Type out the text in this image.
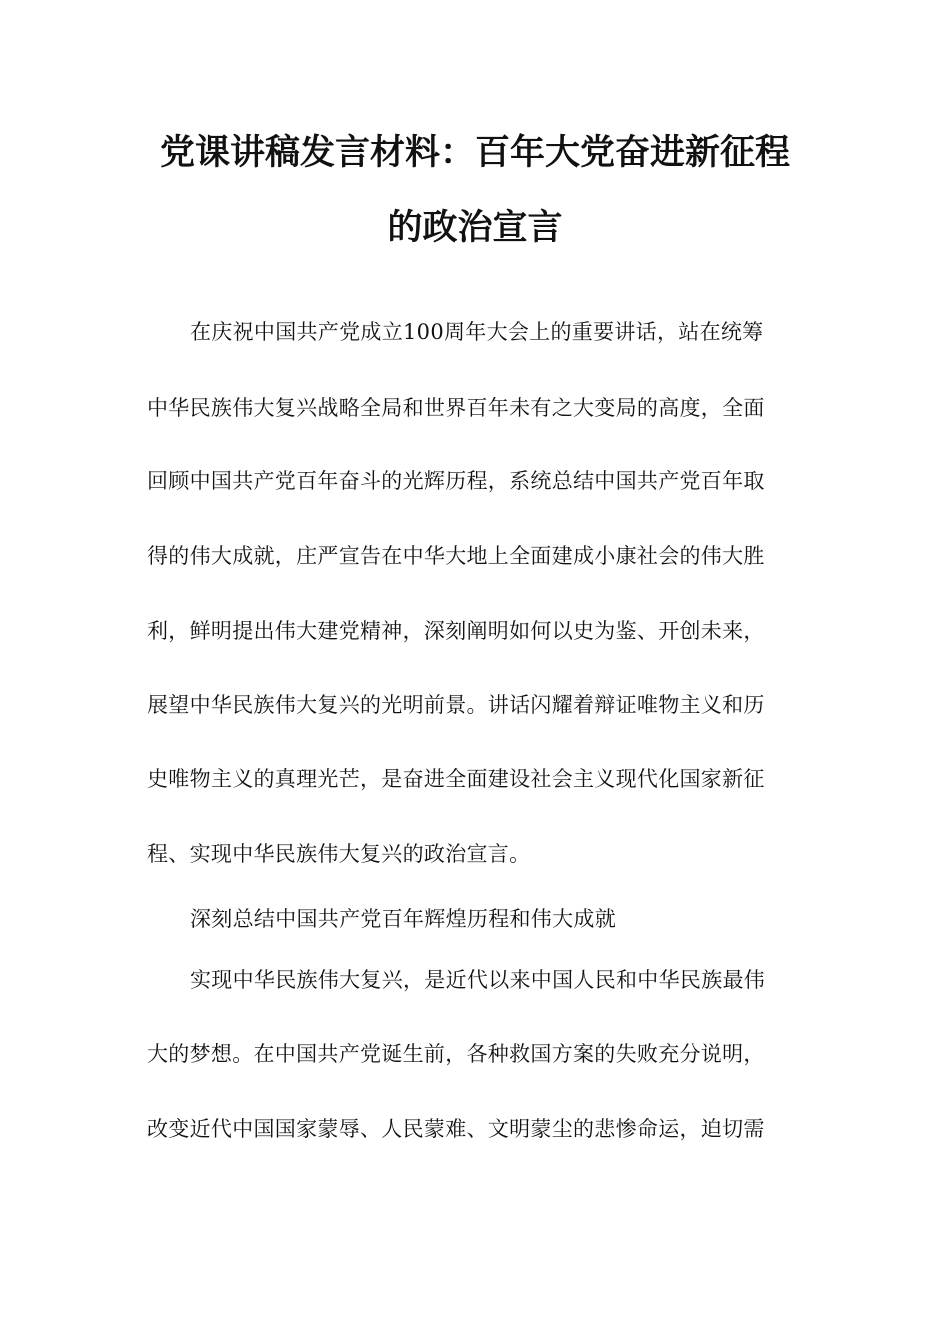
党课讲稿发言材料：百年大党奋进新征程
的政治宣言
在庆祝中国共产党成立100周年大会上的重要讲话，站在统筹
中华民族伟大复兴战略全局和世界百年未有之大变局的高度，全面
回顾中国共产党百年奋斗的光辉历程，系统总结中国共产党百年取
得的伟大成就，庄严宣告在中华大地上全面建成小康社会的伟大胜
利，鲜明提出伟大建党精神，深刻阐明如何以史为鉴、开创未来，
展望中华民族伟大复兴的光明前景。讲话闪耀着辩证唯物主义和历
史唯物主义的真理光芒，是奋进全面建设社会主义现代化国家新征
程、实现中华民族伟大复兴的政治宣言。
深刻总结中国共产党百年辉煌历程和伟大成就
实现中华民族伟大复兴，是近代以来中国人民和中华民族最伟
大的梦想。在中国共产党诞生前，各种救国方案的失败充分说明，
改变近代中国国家蒙辱、人民蒙难、文明蒙尘的悲惨命运，迫切需
